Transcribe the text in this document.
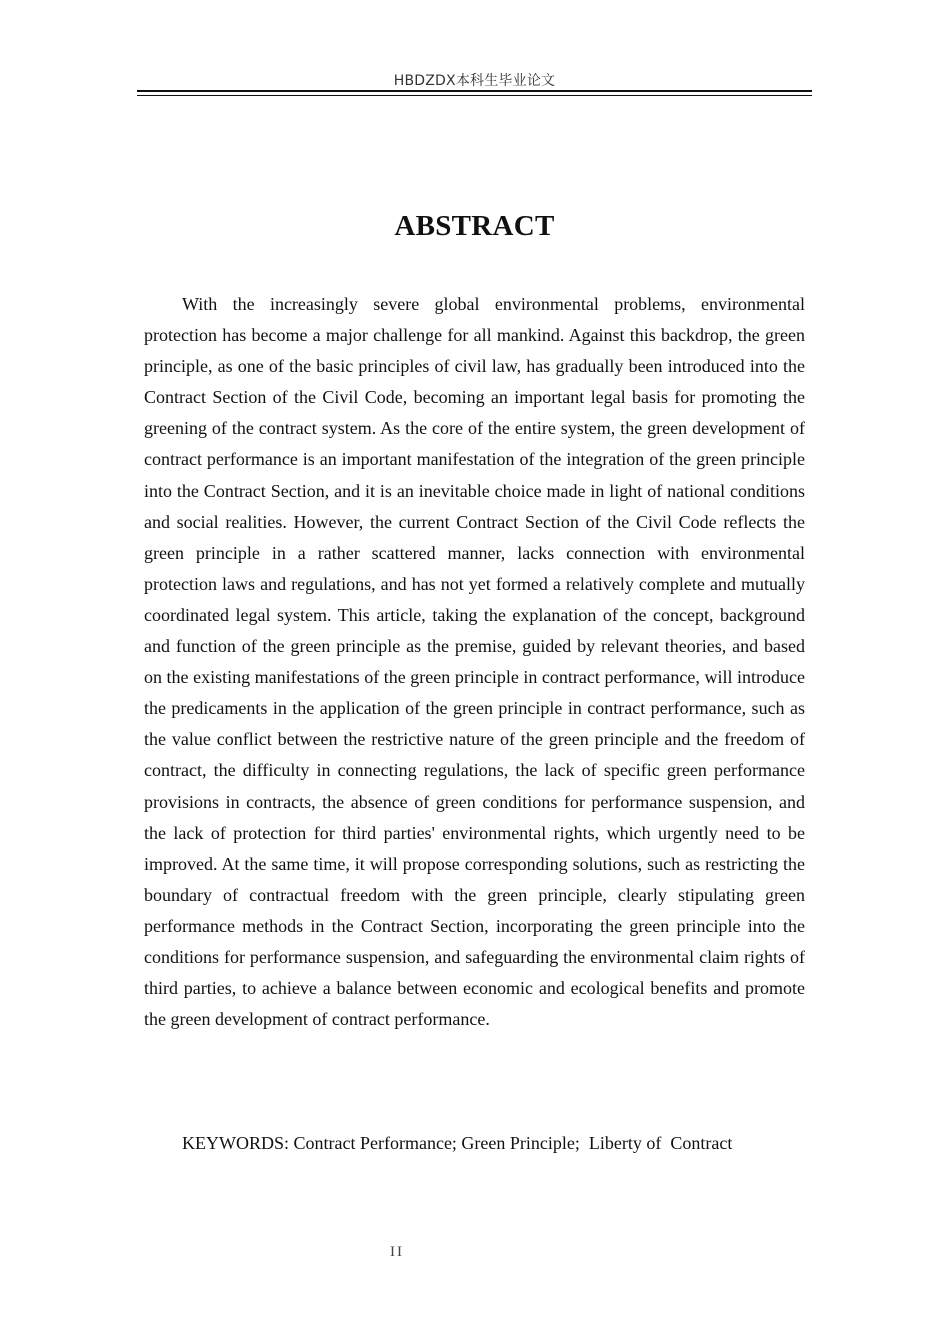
HBDZDX本科生毕业论文
ABSTRACT

With the increasingly severe global environmental problems, environmental protection has become a major challenge for all mankind. Against this backdrop, the green principle, as one of the basic principles of civil law, has gradually been introduced into the Contract Section of the Civil Code, becoming an important legal basis for promoting the greening of the contract system. As the core of the entire system, the green development of contract performance is an important manifestation of the integration of the green principle into the Contract Section, and it is an inevitable choice made in light of national conditions and social realities. However, the current Contract Section of the Civil Code reflects the green principle in a rather scattered manner, lacks connection with environmental protection laws and regulations, and has not yet formed a relatively complete and mutually coordinated legal system. This article, taking the explanation of the concept, background and function of the green principle as the premise, guided by relevant theories, and based on the existing manifestations of the green principle in contract performance, will introduce the predicaments in the application of the green principle in contract performance, such as the value conflict between the restrictive nature of the green principle and the freedom of contract, the difficulty in connecting regulations, the lack of specific green performance provisions in contracts, the absence of green conditions for performance suspension, and the lack of protection for third parties' environmental rights, which urgently need to be improved. At the same time, it will propose corresponding solutions, such as restricting the boundary of contractual freedom with the green principle, clearly stipulating green performance methods in the Contract Section, incorporating the green principle into the conditions for performance suspension, and safeguarding the environmental claim rights of third parties, to achieve a balance between economic and ecological benefits and promote the green development of contract performance.

KEYWORDS: Contract Performance; Green Principle;  Liberty of  Contract
II
